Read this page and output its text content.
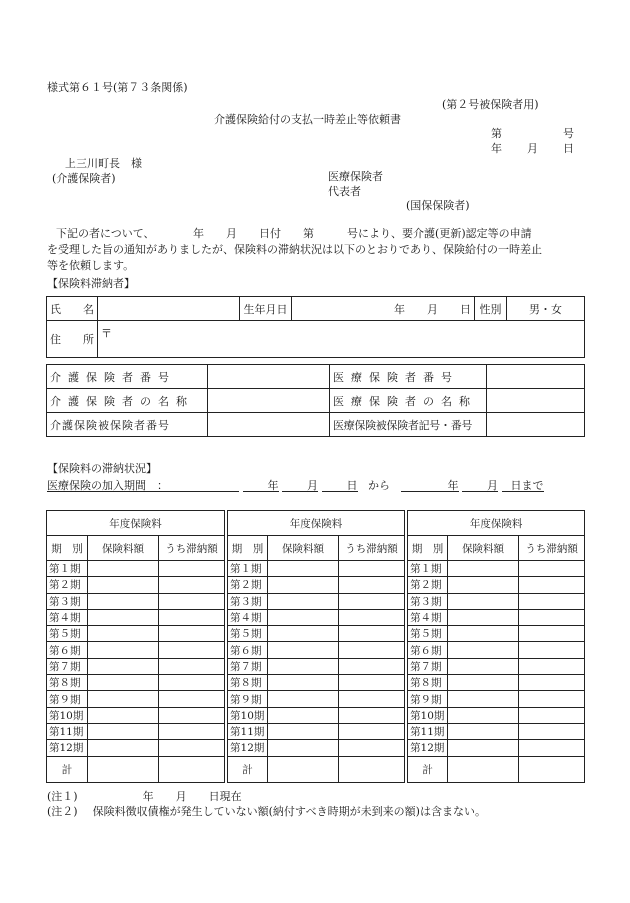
様式第６１号(第７３条関係)
(第２号被保険者用)
介護保険給付の支払一時差止等依頼書
第	号
年 月 日
上三川町長　様
(介護保険者)	医療保険者
代表者
(国保保険者)
下記の者について、　　　　年　　月　　日付　　第　　　号により、要介護(更新)認定等の申請
を受理した旨の通知がありましたが、保険料の滞納状況は以下のとおりであり、保険給付の一時差止
等を依頼します。
【保険料滞納者】
氏　　名		生年月日	年　　月　　日	性別	男・女
住　　所	〒				
介護保険者番号		医療保険者番号	
介護保険者の名称		医療保険者の名称	
介護保険被保険者番号		医療保険被保険者記号・番号	
【保険料の滞納状況】
医療保険の加入期間　：	年	月	日 から	年	月 日まで
年度保険料				年度保険料				年度保険料		
期　別	保険料額	うち滞納額		期　別	保険料額	うち滞納額		期　別	保険料額	うち滞納額
第１期				第１期				第１期		
第２期				第２期				第２期		
第３期				第３期				第３期		
第４期				第４期				第４期		
第５期				第５期				第５期		
第６期				第６期				第６期		
第７期				第７期				第７期		
第８期				第８期				第８期		
第９期				第９期				第９期		
第10期				第10期				第10期		
第11期				第11期				第11期		
第12期				第12期				第12期		
計				計				計		
(注１)	年　　月　　日現在
(注２) 保険料徴収債権が発生していない額(納付すべき時期が未到来の額)は含まない。
